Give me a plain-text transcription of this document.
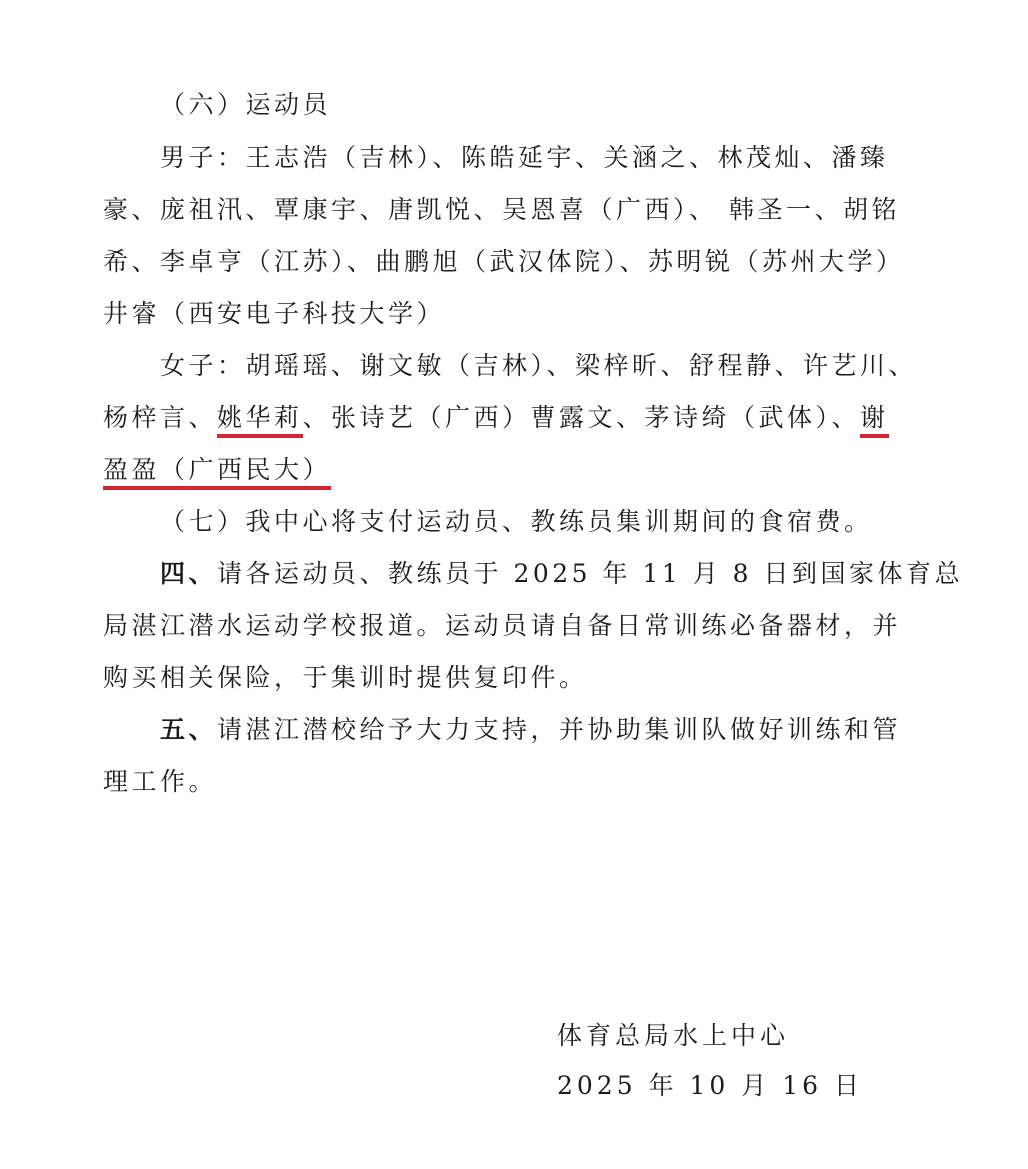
（六）运动员
男子：王志浩（吉林）、陈皓延宇、关涵之、林茂灿、潘臻
豪、庞祖汛、覃康宇、唐凯悦、吴恩喜（广西）、 韩圣一、胡铭
希、李卓亨（江苏）、曲鹏旭（武汉体院）、苏明锐（苏州大学）
井睿（西安电子科技大学）
女子：胡瑶瑶、谢文敏（吉林）、梁梓昕、舒程静、许艺川、
杨梓言、姚华莉、张诗艺（广西）曹露文、茅诗绮（武体）、谢
盈盈（广西民大）
（七）我中心将支付运动员、教练员集训期间的食宿费。
四、请各运动员、教练员于 2025 年 11 月 8 日到国家体育总
局湛江潜水运动学校报道。运动员请自备日常训练必备器材，并
购买相关保险，于集训时提供复印件。
五、请湛江潜校给予大力支持，并协助集训队做好训练和管
理工作。
体育总局水上中心
2025 年 10 月 16 日
